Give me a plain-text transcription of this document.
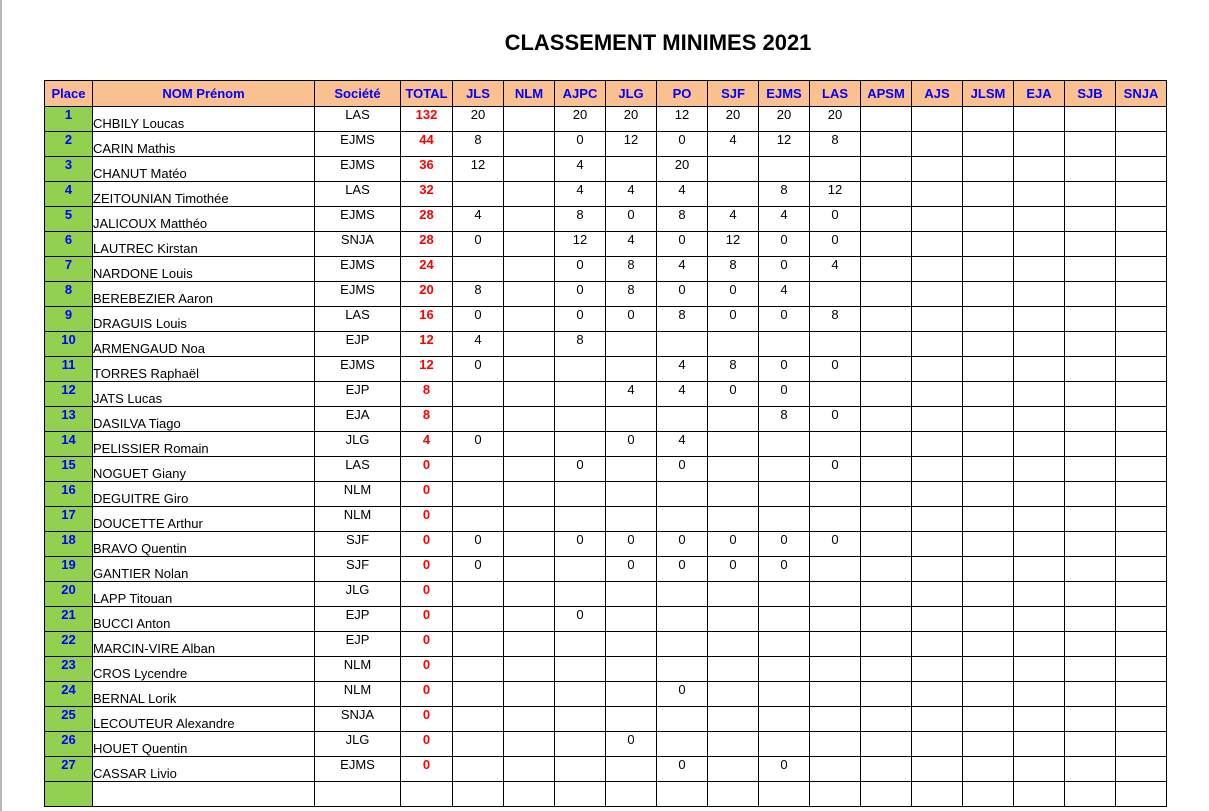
CLASSEMENT MINIMES 2021
Place	NOM Prénom	Société	TOTAL	JLS	NLM	AJPC	JLG	PO	SJF	EJMS	LAS	APSM	AJS	JLSM	EJA	SJB	SNJA
1	CHBILY Loucas	LAS	132	20		20	20	12	20	20	20						
2	CARIN Mathis	EJMS	44	8		0	12	0	4	12	8						
3	CHANUT Matéo	EJMS	36	12		4		20									
4	ZEITOUNIAN Timothée	LAS	32			4	4	4		8	12						
5	JALICOUX Matthéo	EJMS	28	4		8	0	8	4	4	0						
6	LAUTREC Kirstan	SNJA	28	0		12	4	0	12	0	0						
7	NARDONE Louis	EJMS	24			0	8	4	8	0	4						
8	BEREBEZIER Aaron	EJMS	20	8		0	8	0	0	4							
9	DRAGUIS Louis	LAS	16	0		0	0	8	0	0	8						
10	ARMENGAUD Noa	EJP	12	4		8											
11	TORRES Raphaël	EJMS	12	0				4	8	0	0						
12	JATS Lucas	EJP	8				4	4	0	0							
13	DASILVA Tiago	EJA	8							8	0						
14	PELISSIER Romain	JLG	4	0			0	4									
15	NOGUET Giany	LAS	0			0		0			0						
16	DEGUITRE Giro	NLM	0														
17	DOUCETTE Arthur	NLM	0														
18	BRAVO Quentin	SJF	0	0		0	0	0	0	0	0						
19	GANTIER Nolan	SJF	0	0			0	0	0	0							
20	LAPP Titouan	JLG	0														
21	BUCCI Anton	EJP	0			0											
22	MARCIN-VIRE Alban	EJP	0														
23	CROS Lycendre	NLM	0														
24	BERNAL Lorik	NLM	0					0									
25	LECOUTEUR Alexandre	SNJA	0														
26	HOUET Quentin	JLG	0				0										
27	CASSAR Livio	EJMS	0					0		0							
